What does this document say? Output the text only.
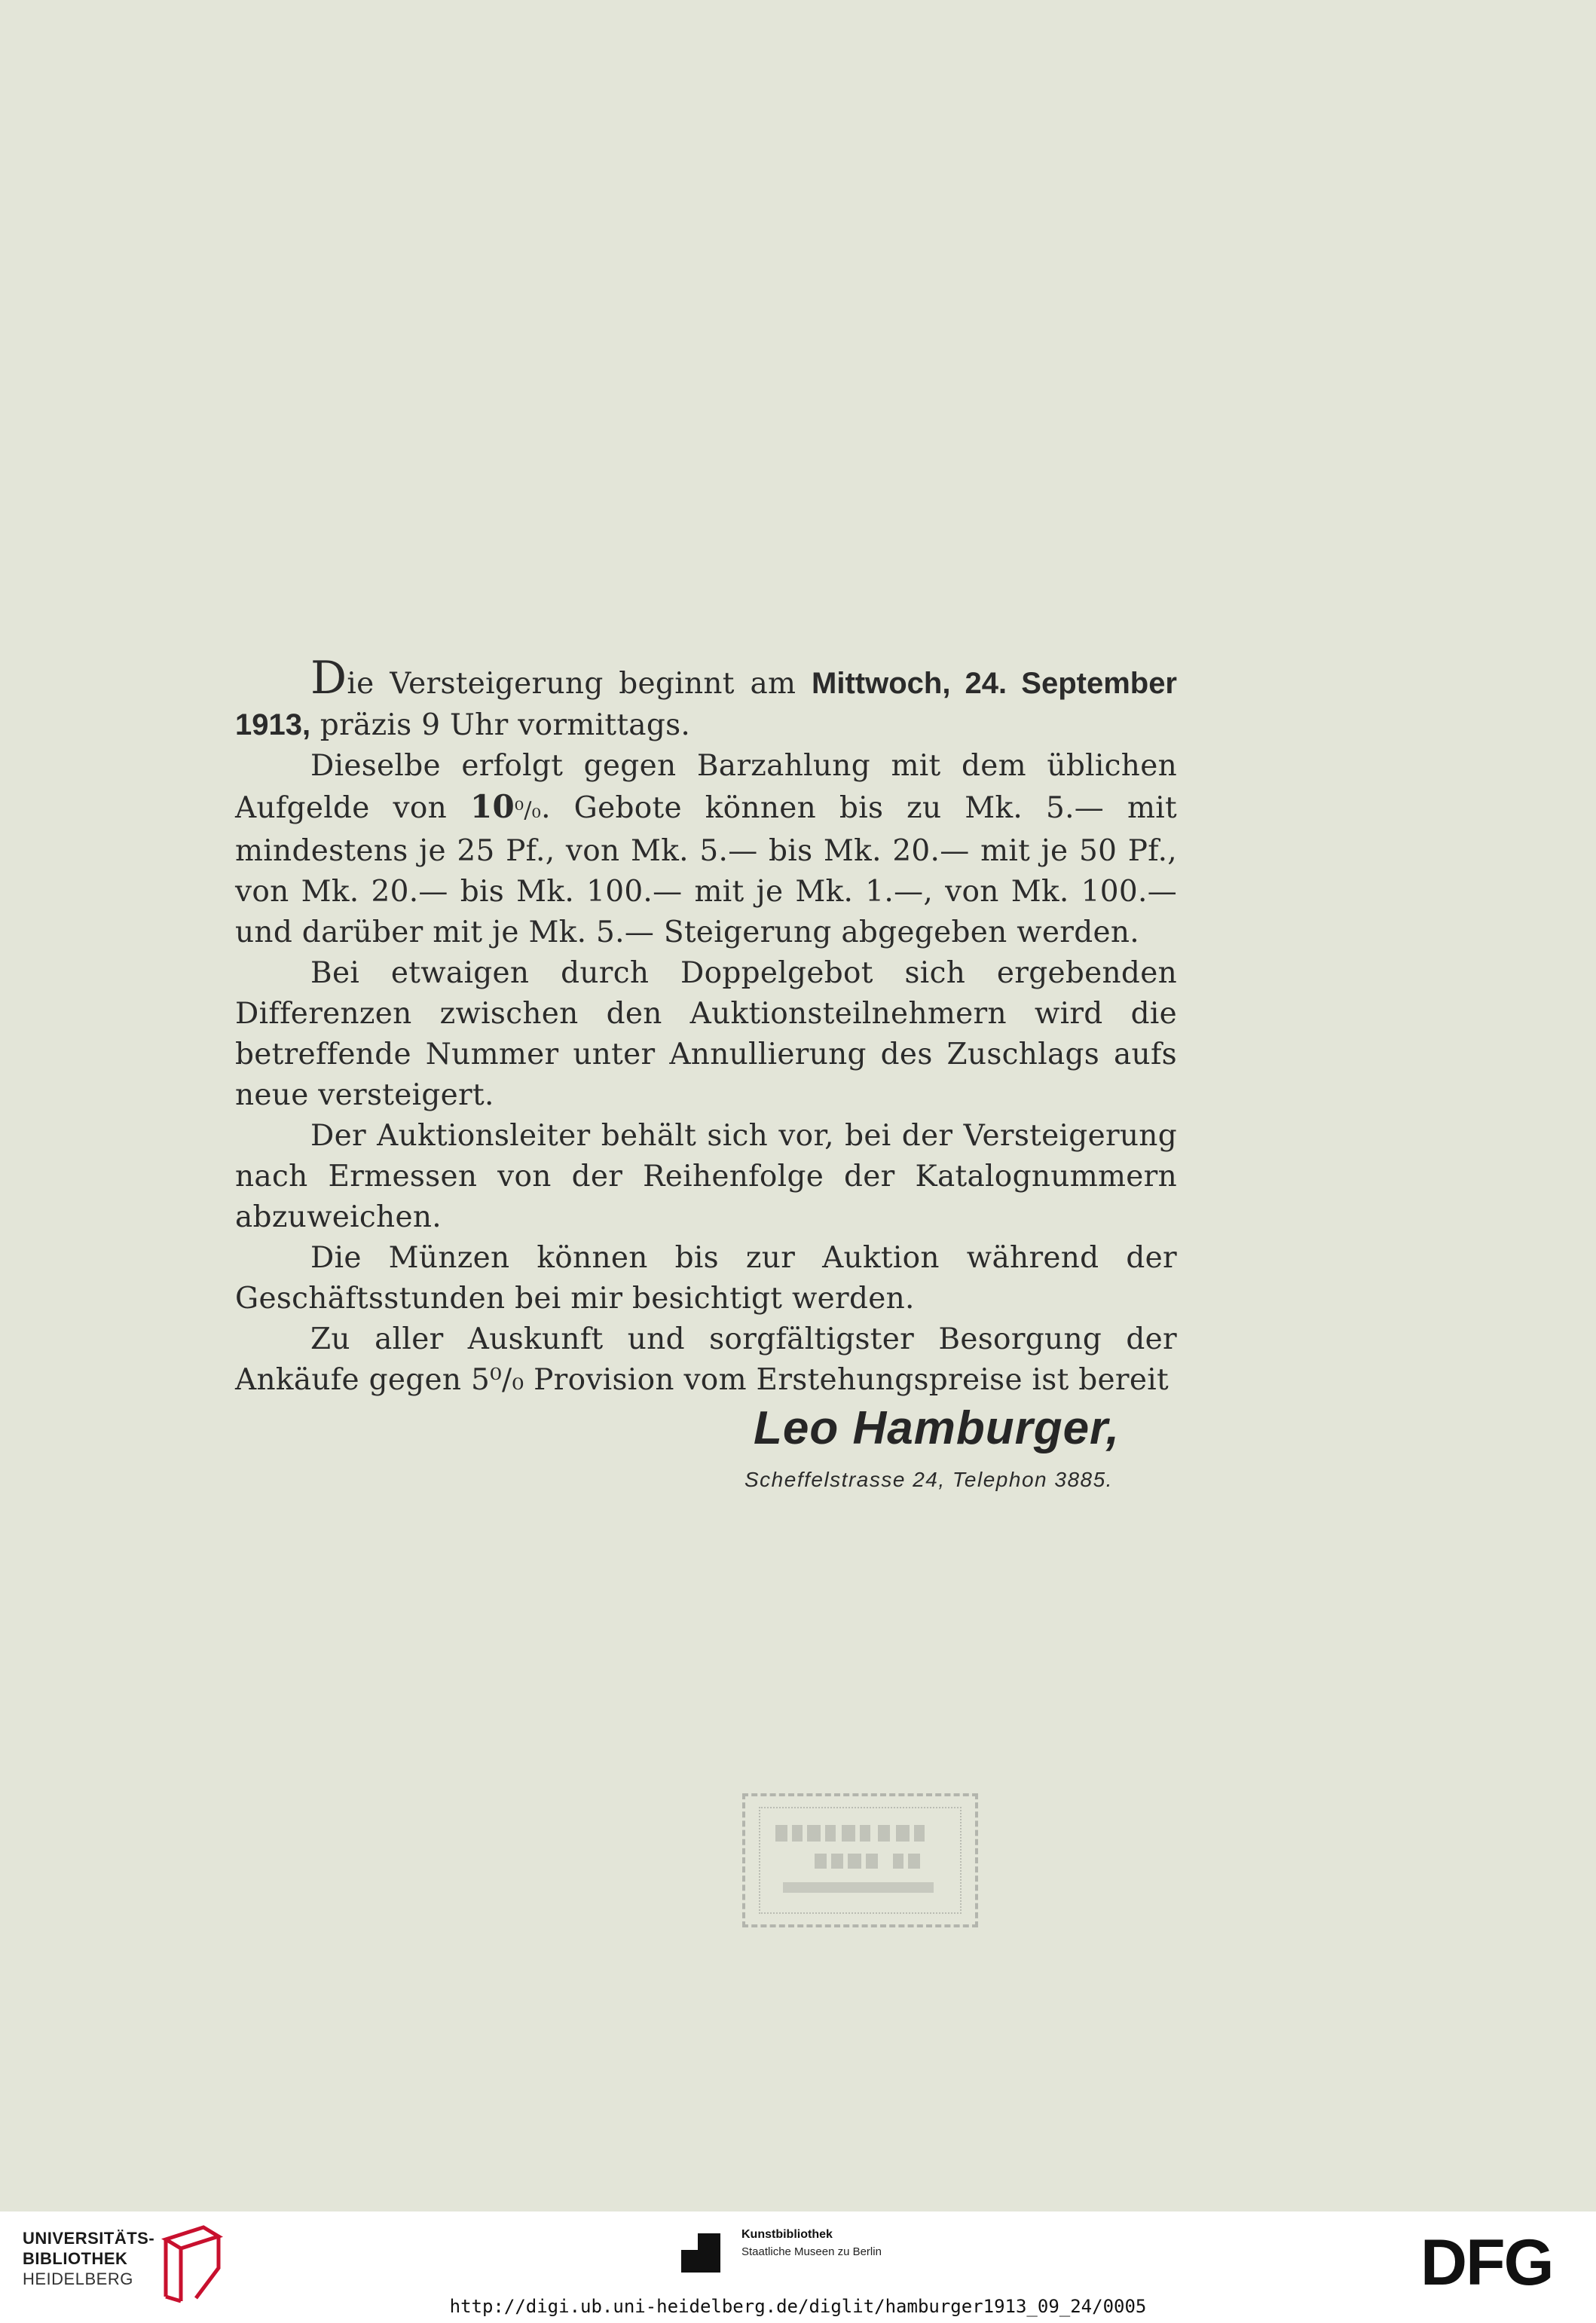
Die Versteigerung beginnt am Mittwoch, 24. September 1913, präzis 9 Uhr vormittags.

Dieselbe erfolgt gegen Barzahlung mit dem üblichen Aufgelde von 10⁰/₀. Gebote können bis zu Mk. 5.— mit mindestens je 25 Pf., von Mk. 5.— bis Mk. 20.— mit je 50 Pf., von Mk. 20.— bis Mk. 100.— mit je Mk. 1.—, von Mk. 100.— und darüber mit je Mk. 5.— Steigerung abgegeben werden.

Bei etwaigen durch Doppelgebot sich ergebenden Differenzen zwischen den Auktionsteilnehmern wird die betreffende Nummer unter Annullierung des Zuschlags aufs neue versteigert.

Der Auktionsleiter behält sich vor, bei der Versteigerung nach Ermessen von der Reihenfolge der Katalognummern abzuweichen.

Die Münzen können bis zur Auktion während der Geschäftsstunden bei mir besichtigt werden.

Zu aller Auskunft und sorgfältigster Besorgung der Ankäufe gegen 5⁰/₀ Provision vom Erstehungspreise ist bereit

Leo Hamburger,
Scheffelstrasse 24, Telephon 3885.
UNIVERSITÄTS-
BIBLIOTHEK
HEIDELBERG
Kunstbibliothek
Staatliche Museen zu Berlin	DFG
http://digi.ub.uni-heidelberg.de/diglit/hamburger1913_09_24/0005
